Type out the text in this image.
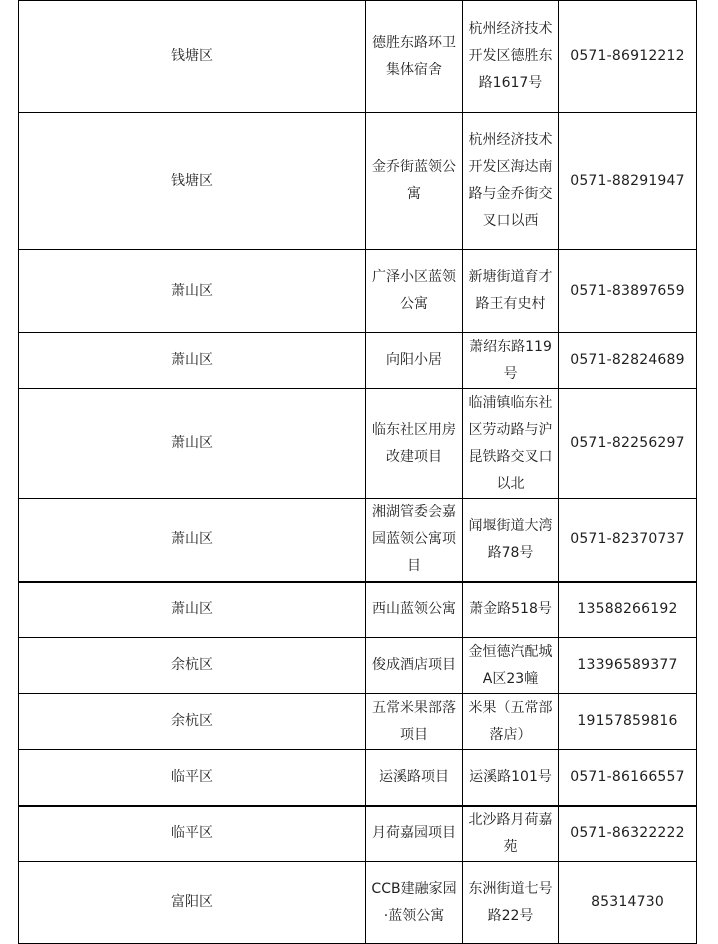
钱塘区	德胜东路环卫集体宿舍	杭州经济技术开发区德胜东路1617号	0571-86912212
钱塘区	金乔街蓝领公寓	杭州经济技术开发区海达南路与金乔街交叉口以西	0571-88291947
萧山区	广泽小区蓝领公寓	新塘街道育才路王有史村	0571-83897659
萧山区	向阳小居	萧绍东路119号	0571-82824689
萧山区	临东社区用房改建项目	临浦镇临东社区劳动路与沪昆铁路交叉口以北	0571-82256297
萧山区	湘湖管委会嘉园蓝领公寓项目	闻堰街道大湾路78号	0571-82370737
萧山区	西山蓝领公寓	萧金路518号	13588266192
余杭区	俊成酒店项目	金恒德汽配城A区23幢	13396589377
余杭区	五常米果部落项目	米果（五常部落店）	19157859816
临平区	运溪路项目	运溪路101号	0571-86166557
临平区	月荷嘉园项目	北沙路月荷嘉苑	0571-86322222
富阳区	CCB建融家园·蓝领公寓	东洲街道七号路22号	85314730
